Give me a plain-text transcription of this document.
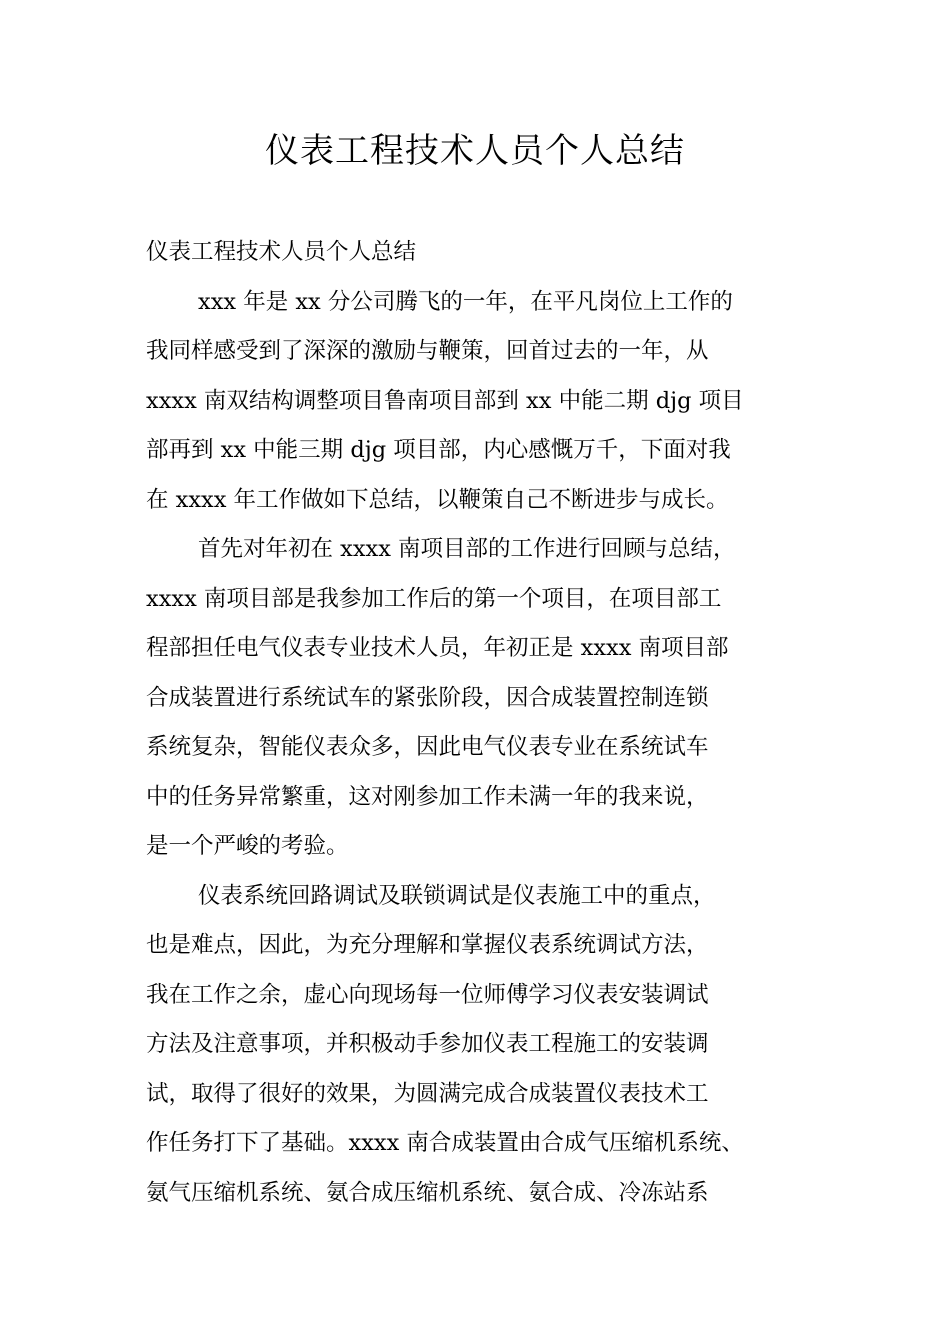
仪表工程技术人员个人总结
仪表工程技术人员个人总结
xxx 年是 xx 分公司腾飞的一年，在平凡岗位上工作的
我同样感受到了深深的激励与鞭策，回首过去的一年，从
xxxx 南双结构调整项目鲁南项目部到 xx 中能二期 djg 项目
部再到 xx 中能三期 djg 项目部，内心感慨万千，下面对我
在 xxxx 年工作做如下总结，以鞭策自己不断进步与成长。
首先对年初在 xxxx 南项目部的工作进行回顾与总结，
xxxx 南项目部是我参加工作后的第一个项目，在项目部工
程部担任电气仪表专业技术人员，年初正是 xxxx 南项目部
合成装置进行系统试车的紧张阶段，因合成装置控制连锁
系统复杂，智能仪表众多，因此电气仪表专业在系统试车
中的任务异常繁重，这对刚参加工作未满一年的我来说，
是一个严峻的考验。
仪表系统回路调试及联锁调试是仪表施工中的重点，
也是难点，因此，为充分理解和掌握仪表系统调试方法，
我在工作之余，虚心向现场每一位师傅学习仪表安装调试
方法及注意事项，并积极动手参加仪表工程施工的安装调
试，取得了很好的效果，为圆满完成合成装置仪表技术工
作任务打下了基础。xxxx 南合成装置由合成气压缩机系统、
氨气压缩机系统、氨合成压缩机系统、氨合成、冷冻站系
